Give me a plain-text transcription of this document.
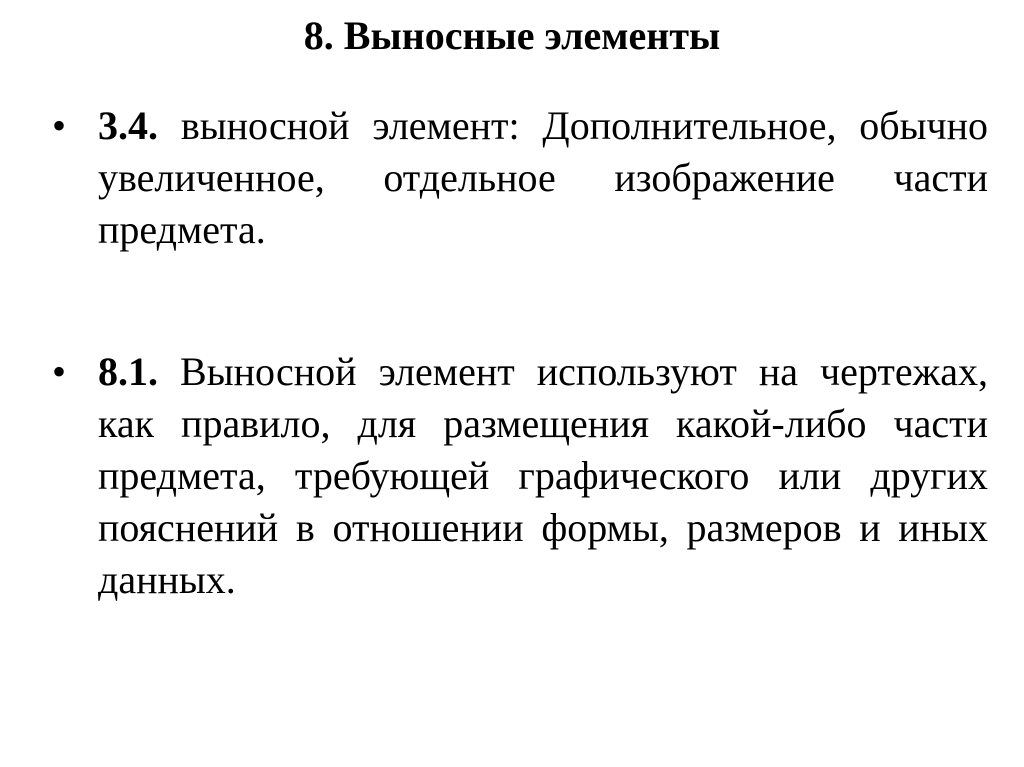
8. Выносные элементы
• 3.4. выносной элемент: Дополнительное, обычно увеличенное, отдельное изображение части предмета.
• 8.1. Выносной элемент используют на чертежах, как правило, для размещения какой-либо части предмета, требующей графического или других пояснений в отношении формы, размеров и иных данных.
